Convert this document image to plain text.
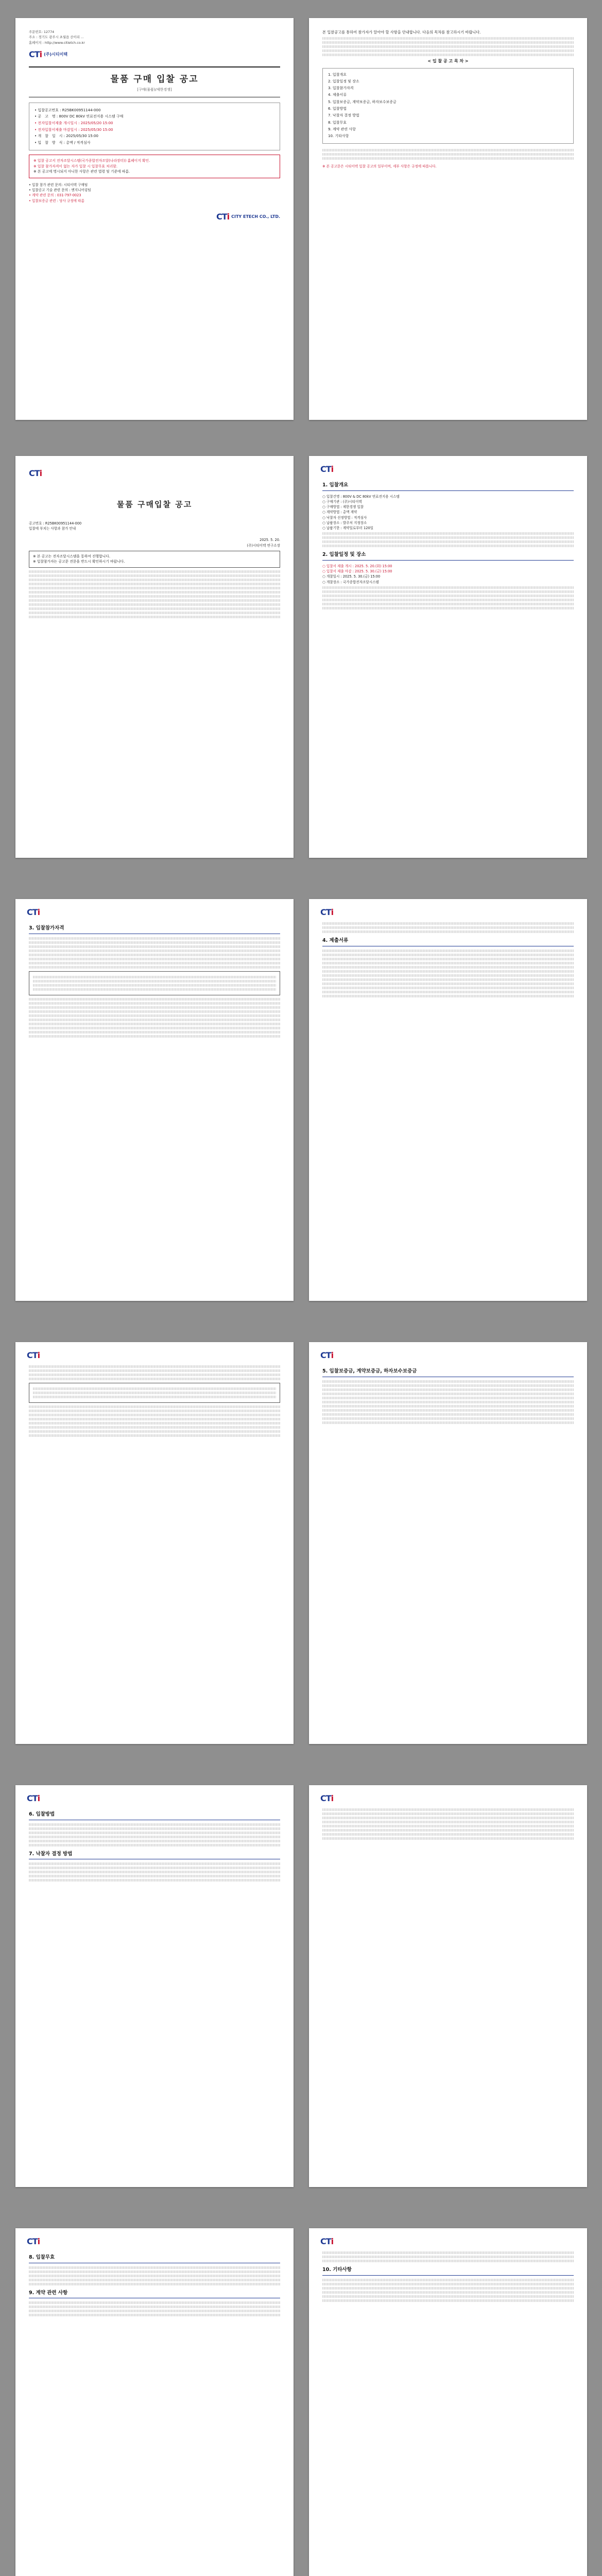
주문번호: 12774
주소 : 경기도 광주시 초월읍 산이리 ...
홈페이지 : http://www.citietch.co.kr
CTi (주)시티이텍
물품 구매 입찰 공고
[구매(물품)/제한경쟁]
• 입찰공고번호 : R25BK00951144-000
• 공　고　명 : 800V DC 80kV 연료전지용 시스템 구매
• 전자입찰서제출 개시일시 : 2025/05/20 15:00
• 전자입찰서제출 마감일시 : 2025/05/30 15:00
• 개　찰　일　시 : 2025/05/30 15:00
• 입　찰　방　식 : 총액 / 적격심사
※ 입찰 공고서 전자조달시스템(국가종합전자조달(나라장터)) 홈페이지 확인.
※ 입찰 참가자격이 없는 자가 입찰 시 입찰무효 처리함.
※ 본 공고에 명시되지 아니한 사항은 관련 법령 및 기준에 따름.
• 입찰 참가 관련 문의: 시티이텍 구매팀
• 입찰공고 기술 관련 문의 : 엔지니어링팀
• 계약 관련 문의 : 031-797-0023
• 입찰보증금 관련 : 당사 규정에 따름
CTi CITY ETECH CO., LTD.

본 입찰공고를 통하여 참가자가 알아야 할 사항을 안내합니다. 다음의 목차를 참고하시기 바랍니다.

< 입 찰 공 고 목 차 >
1. 입찰개요
2. 입찰일정 및 장소
3. 입찰참가자격
4. 제출서류
5. 입찰보증금, 계약보증금, 하자보수보증금
6. 입찰방법
7. 낙찰자 결정 방법
8. 입찰무효
9. 계약 관련 사항
10. 기타사항

※ 본 공고문은 시티이텍 입찰 공고의 일부이며, 세부 사항은 규정에 따릅니다.

CTi
물품 구매입찰 공고
공고번호 : R25BK00951144-000
입찰에 부치는 사항과 참가 안내
2025. 5. 20.
(주)시티이텍 연구소장
※ 본 공고는 전자조달시스템을 통하여 진행합니다.
※ 입찰참가자는 공고문 전문을 반드시 확인하시기 바랍니다.
CTi
1. 입찰개요
○ 입찰건명 : 800V & DC 80kV 연료전지용 시스템
○ 구매기관 : (주)시티이텍
○ 구매방법 : 제한경쟁 입찰
○ 계약방법 : 총액 계약
○ 낙찰자 선정방법 : 적격심사
○ 납품장소 : 발주처 지정장소
○ 납품기한 : 계약일로부터 120일
2. 입찰일정 및 장소
○ 입찰서 제출 개시 : 2025. 5. 20.(화) 15:00
○ 입찰서 제출 마감 : 2025. 5. 30.(금) 15:00
○ 개찰일시 : 2025. 5. 30.(금) 15:00
○ 개찰장소 : 국가종합전자조달시스템
CTi
3. 입찰참가자격
CTi
4. 제출서류
CTi	CTi
5. 입찰보증금, 계약보증금, 하자보수보증금
CTi
6. 입찰방법
7. 낙찰자 결정 방법
CTi
CTi
8. 입찰무효
9. 계약 관련 사항
CTi
10. 기타사항
